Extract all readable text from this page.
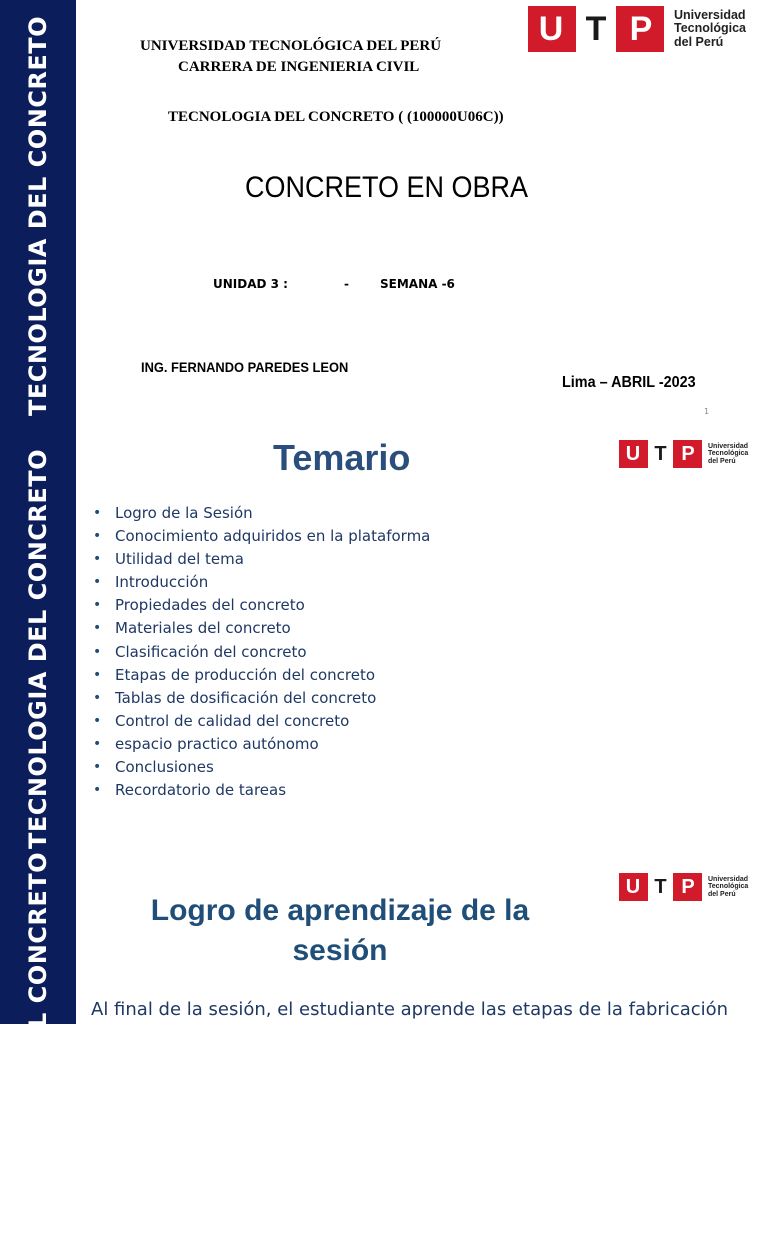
TECNOLOGIA DEL CONCRETO	U T P	Universidad
Tecnológica
del Perú
UNIVERSIDAD TECNOLÓGICA DEL PERÚ
CARRERA DE INGENIERIA CIVIL
TECNOLOGIA DEL CONCRETO ( (100000U06C))
CONCRETO EN OBRA
UNIDAD 3 :	-	SEMANA -6
ING. FERNANDO PAREDES LEON
Lima – ABRIL -2023
1
TECNOLOGIA DEL CONCRETO	Temario
• Logro de la Sesión
• Conocimiento adquiridos en la plataforma
• Utilidad del tema
• Introducción
• Propiedades del concreto
• Materiales del concreto
• Clasificación del concreto
• Etapas de producción del concreto
• Tablas de dosificación del concreto
• Control de calidad del concreto
• espacio practico autónomo
• Conclusiones
• Recordatorio de tareas
U T P	Universidad
Tecnológica
del Perú
TECNOLOGIA DEL CONCRETO	Logro de aprendizaje de la
sesión
Al final de la sesión, el estudiante aprende las etapas de la fabricación
U T P	Universidad
Tecnológica
del Perú
